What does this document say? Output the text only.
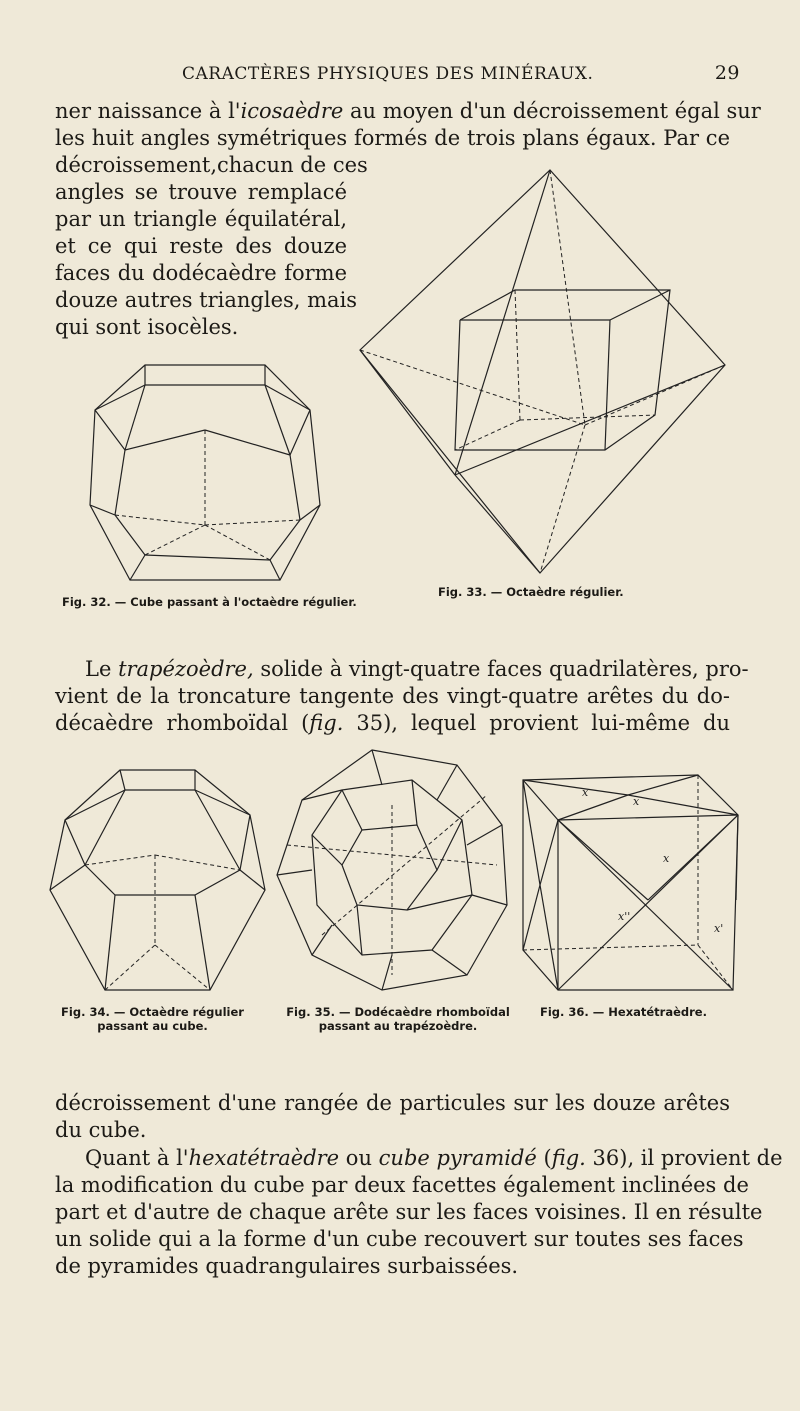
CARACTÈRES PHYSIQUES DES MINÉRAUX.	29

ner naissance à l'icosaèdre au moyen d'un décroissement égal sur
les huit angles symétriques formés de trois plans égaux. Par ce

décroissement,chacun de ces
angles se trouve remplacé
par un triangle équilatéral,
et ce qui reste des douze
faces du dodécaèdre forme
douze autres triangles, mais
qui sont isocèles.

Fig. 32. — Cube passant à l'octaèdre régulier.
Fig. 33. — Octaèdre régulier.

Le trapézoèdre, solide à vingt-quatre faces quadrilatères, pro-
vient de la troncature tangente des vingt-quatre arêtes du do-
décaèdre rhomboïdal (fig. 35), lequel provient lui-même du

Fig. 34. — Octaèdre régulier
passant au cube.
Fig. 35. — Dodécaèdre rhomboïdal
passant au trapézoèdre.
x
x
x
x''
x'
Fig. 36. — Hexatétraèdre.

décroissement d'une rangée de particules sur les douze arêtes
du cube.

Quant à l'hexatétraèdre ou cube pyramidé (fig. 36), il provient de
la modification du cube par deux facettes également inclinées de
part et d'autre de chaque arête sur les faces voisines. Il en résulte
un solide qui a la forme d'un cube recouvert sur toutes ses faces
de pyramides quadrangulaires surbaissées.
